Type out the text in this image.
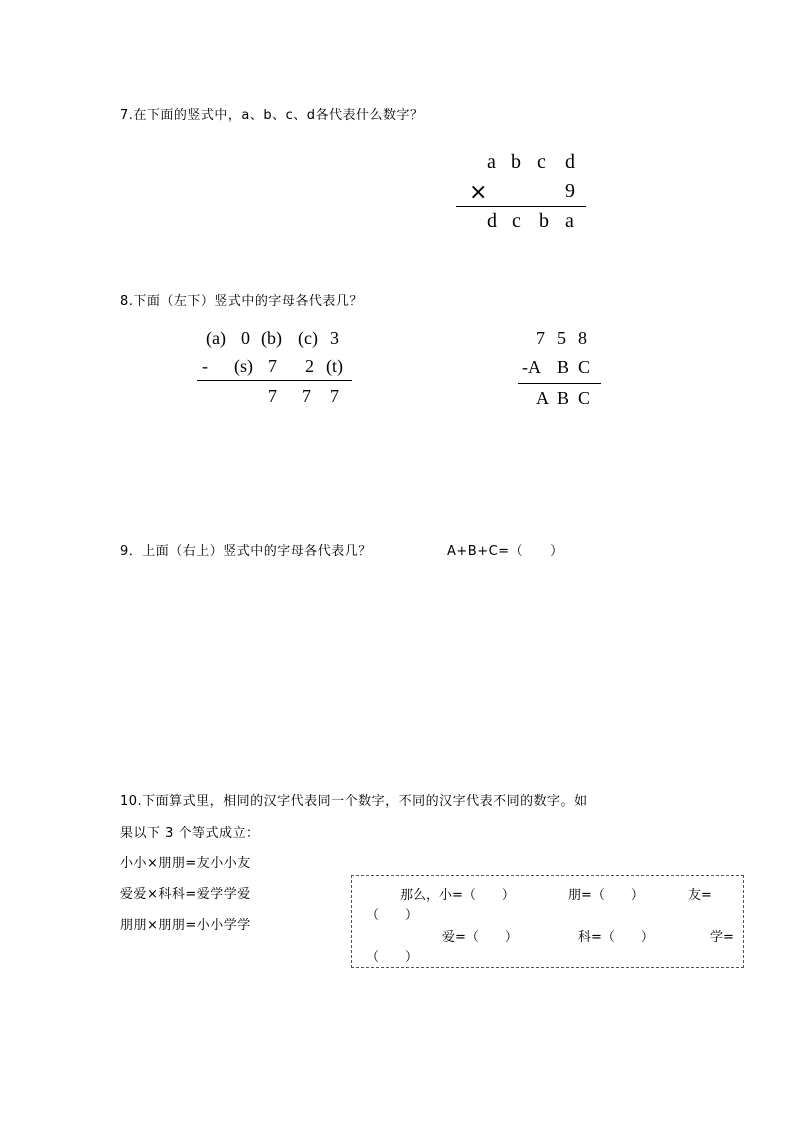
7.在下面的竖式中，a、b、c、d各代表什么数字？
a b c d
×	9
d c b a
8.下面（左下）竖式中的字母各代表几？
(a) 0 (b) (c) 3
- (s) 7 2 (t)
7 7 7
7 5 8
-A B C
A B C
9．上面（右上）竖式中的字母各代表几？	A+B+C=（　　）
10.下面算式里，相同的汉字代表同一个数字，不同的汉字代表不同的数字。如
果以下 3 个等式成立：
小小×朋朋=友小小友
爱爱×科科=爱学学爱
朋朋×朋朋=小小学学
那么，小=（　　）	朋=（　　）	友=
（　　）
爱=（　　）	科=（　　）	学=
（　　）
